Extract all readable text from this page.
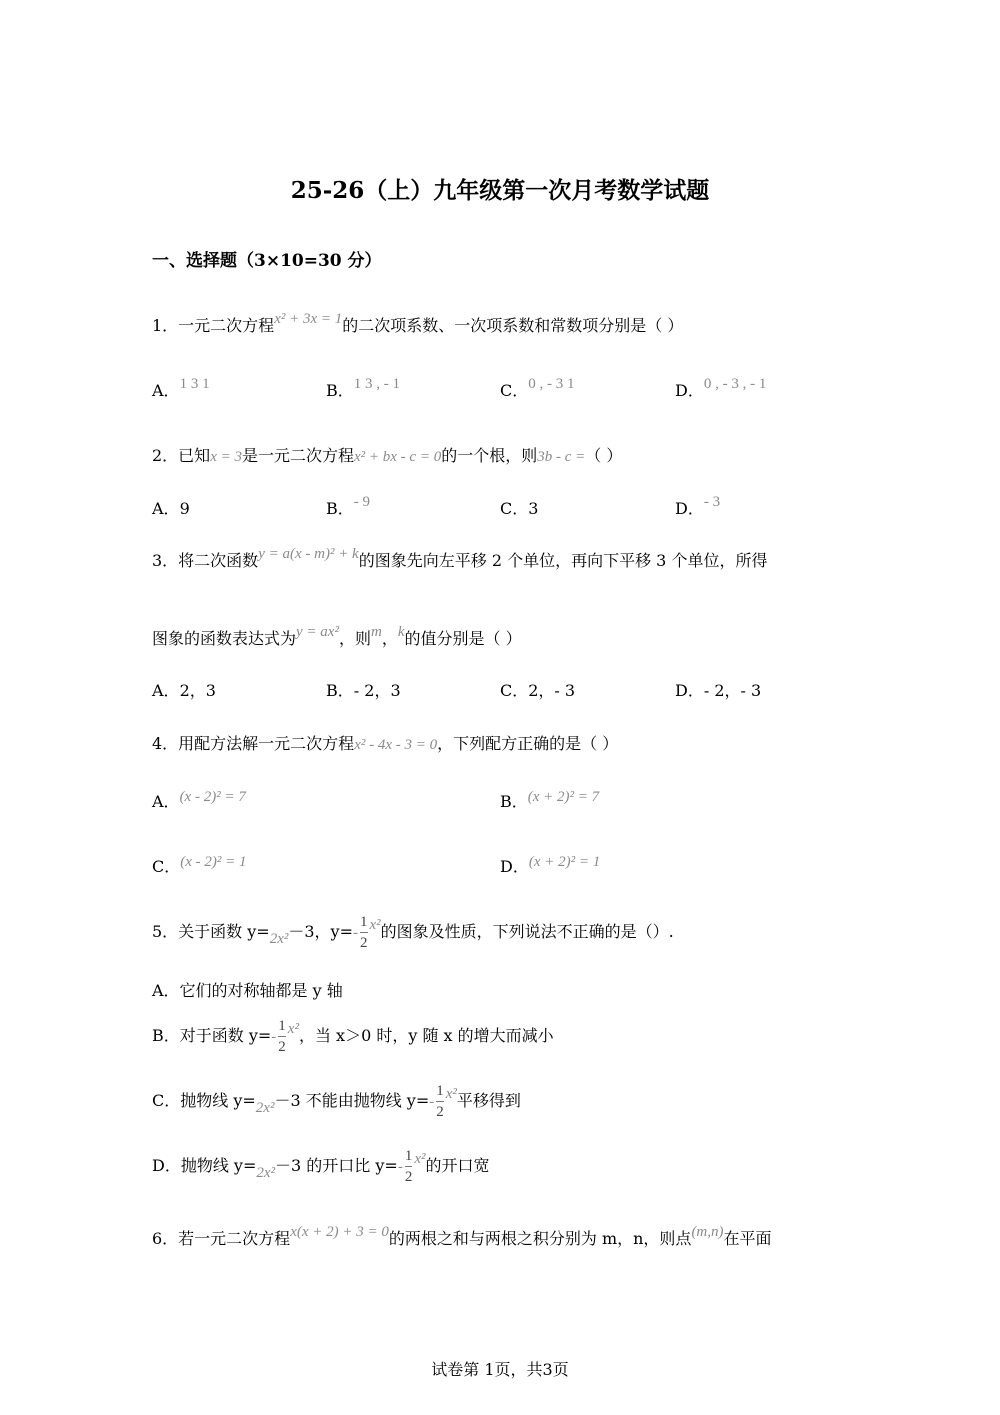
25-26（上）九年级第一次月考数学试题
一、选择题（3×10=30 分）
1．一元二次方程x² + 3x = 1的二次项系数、一次项系数和常数项分别是（ ）
A．1 3 1	B．1 3 , - 1	C．0 , - 3 1	D．0 , - 3 , - 1
2．已知x = 3是一元二次方程x² + bx - c = 0的一个根，则3b - c =（ ）
A．9	B．- 9	C．3	D．- 3
3．将二次函数y = a(x - m)² + k的图象先向左平移 2 个单位，再向下平移 3 个单位，所得
图象的函数表达式为y = ax²，则m，k的值分别是（ ）
A．2，3	B．- 2，3	C．2，- 3	D．- 2，- 3
4．用配方法解一元二次方程x² - 4x - 3 = 0，下列配方正确的是（ ）
A．(x - 2)² = 7	B．(x + 2)² = 7
C．(x - 2)² = 1	D．(x + 2)² = 1
5．关于函数 y=2x²－3，$y=- \frac{1}{2} x^2$的图象及性质，下列说法不正确的是（）.
A．它们的对称轴都是 y 轴
B．对于函数 $y=- \frac{1}{2} x^2$，当 x＞0 时，y 随 x 的增大而减小
C．抛物线 y=2x²－3 不能由抛物线 $y=- \frac{1}{2} x^2$平移得到
D．抛物线 y=2x²－3 的开口比 $y=- \frac{1}{2} x^2$的开口宽
6．若一元二次方程x(x + 2) + 3 = 0的两根之和与两根之积分别为 m，n，则点(m,n)在平面
试卷第 1页，共3页
